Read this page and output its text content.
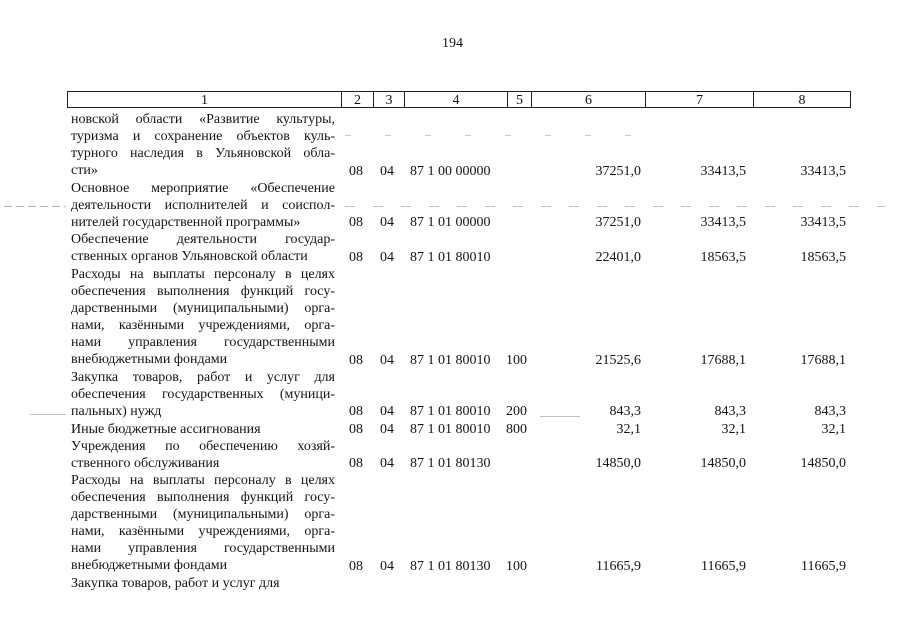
194
1	2	3	4	5	6	7	8
новской области «Развитие культуры,
туризма и сохранение объектов куль-
турного наследия в Ульяновской обла-
сти»	08 04 87 1 00 00000	37251,0	33413,5	33413,5
Основное мероприятие «Обеспечение
деятельности исполнителей и соиспол-
нителей государственной программы»	08 04 87 1 01 00000	37251,0	33413,5	33413,5
Обеспечение деятельности государ-
ственных органов Ульяновской области	08 04 87 1 01 80010	22401,0	18563,5	18563,5
Расходы на выплаты персоналу в целях
обеспечения выполнения функций госу-
дарственными (муниципальными) орга-
нами, казёнными учреждениями, орга-
нами управления государственными
внебюджетными фондами	08 04 87 1 01 80010 100	21525,6	17688,1	17688,1
Закупка товаров, работ и услуг для
обеспечения государственных (муници-
пальных) нужд	08 04 87 1 01 80010 200	843,3	843,3	843,3
Иные бюджетные ассигнования	08 04 87 1 01 80010 800	32,1	32,1	32,1
Учреждения по обеспечению хозяй-
ственного обслуживания	08 04 87 1 01 80130	14850,0	14850,0	14850,0
Расходы на выплаты персоналу в целях
обеспечения выполнения функций госу-
дарственными (муниципальными) орга-
нами, казёнными учреждениями, орга-
нами управления государственными
внебюджетными фондами	08 04 87 1 01 80130 100	11665,9	11665,9	11665,9
Закупка товаров, работ и услуг для
